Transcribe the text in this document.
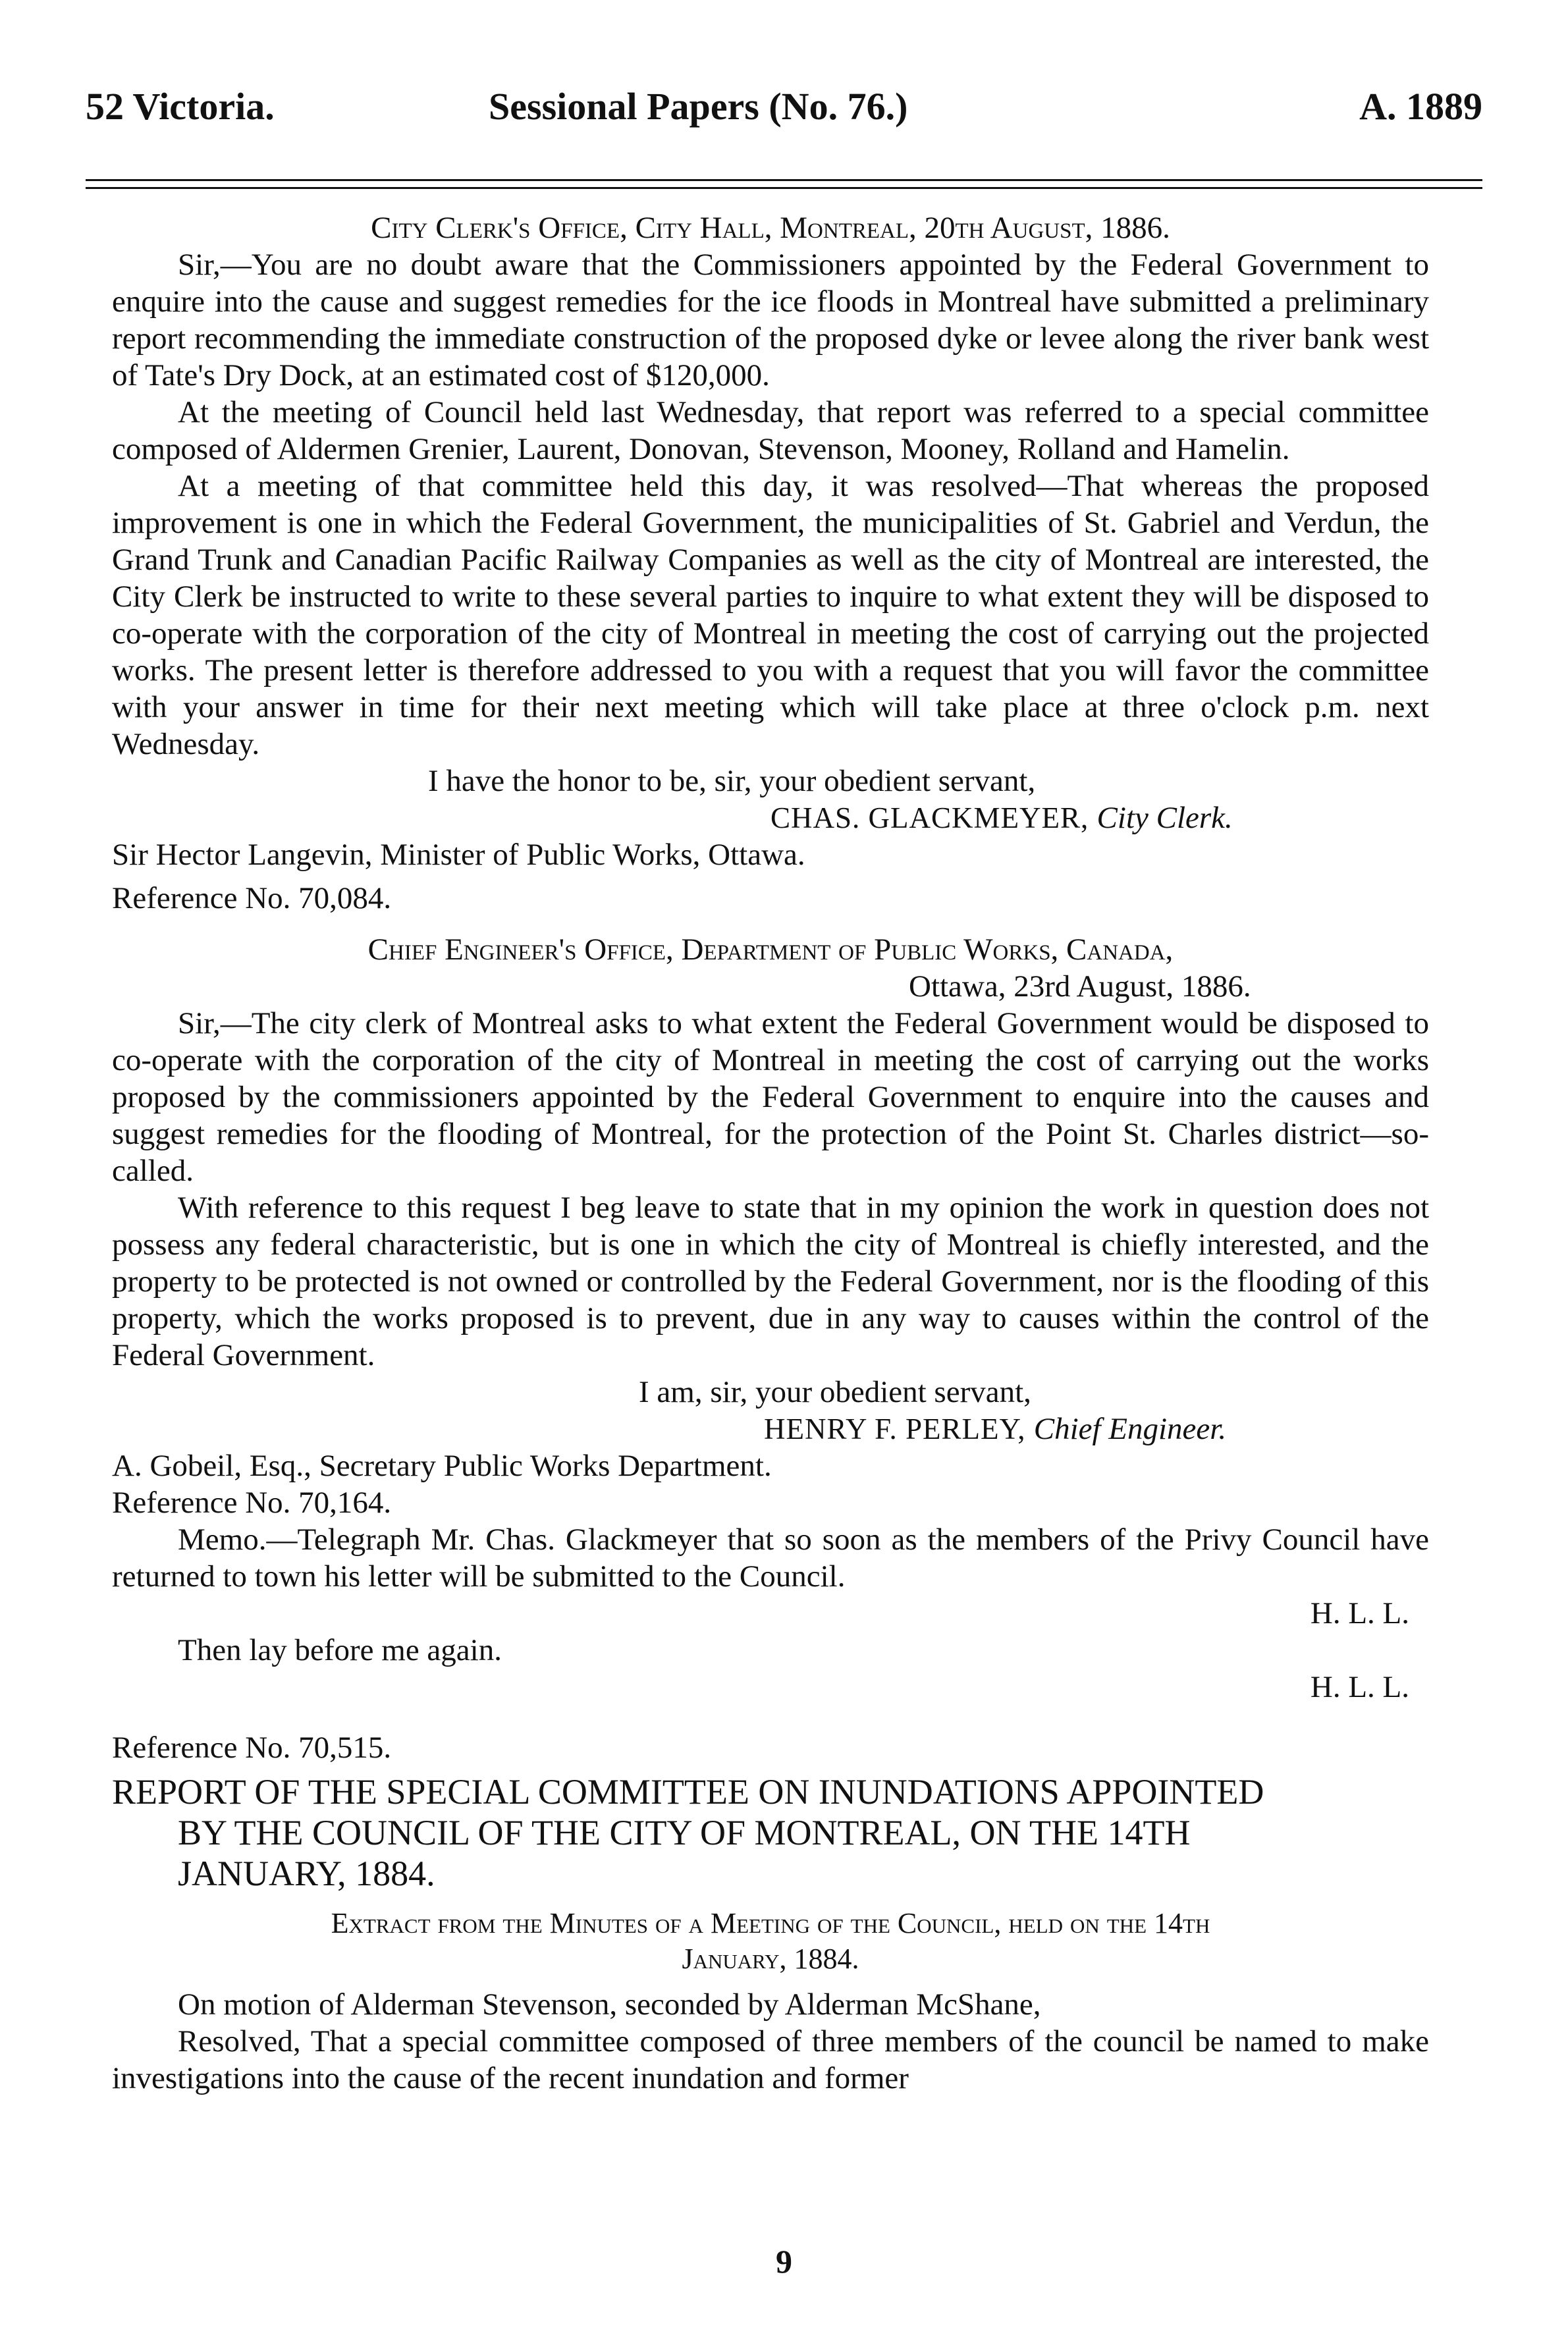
52 Victoria.	Sessional Papers (No. 76.)	A. 1889
City Clerk's Office, City Hall, Montreal, 20th August, 1886.

Sir,—You are no doubt aware that the Commissioners appointed by the Federal Government to enquire into the cause and suggest remedies for the ice floods in Montreal have submitted a preliminary report recommending the immediate construction of the proposed dyke or levee along the river bank west of Tate's Dry Dock, at an estimated cost of $120,000.

At the meeting of Council held last Wednesday, that report was referred to a special committee composed of Aldermen Grenier, Laurent, Donovan, Stevenson, Mooney, Rolland and Hamelin.

At a meeting of that committee held this day, it was resolved—That whereas the proposed improvement is one in which the Federal Government, the municipalities of St. Gabriel and Verdun, the Grand Trunk and Canadian Pacific Railway Companies as well as the city of Montreal are interested, the City Clerk be instructed to write to these several parties to inquire to what extent they will be disposed to co-operate with the corporation of the city of Montreal in meeting the cost of carrying out the projected works. The present letter is therefore addressed to you with a request that you will favor the committee with your answer in time for their next meeting which will take place at three o'clock p.m. next Wednesday.

I have the honor to be, sir, your obedient servant,
CHAS. GLACKMEYER, City Clerk.
Sir Hector Langevin, Minister of Public Works, Ottawa.
Reference No. 70,084.
Chief Engineer's Office, Department of Public Works, Canada,
Ottawa, 23rd August, 1886.

Sir,—The city clerk of Montreal asks to what extent the Federal Government would be disposed to co-operate with the corporation of the city of Montreal in meeting the cost of carrying out the works proposed by the commissioners appointed by the Federal Government to enquire into the causes and suggest remedies for the flooding of Montreal, for the protection of the Point St. Charles district—so-called.

With reference to this request I beg leave to state that in my opinion the work in question does not possess any federal characteristic, but is one in which the city of Montreal is chiefly interested, and the property to be protected is not owned or controlled by the Federal Government, nor is the flooding of this property, which the works proposed is to prevent, due in any way to causes within the control of the Federal Government.

I am, sir, your obedient servant,
HENRY F. PERLEY, Chief Engineer.
A. Gobeil, Esq., Secretary Public Works Department.
Reference No. 70,164.

Memo.—Telegraph Mr. Chas. Glackmeyer that so soon as the members of the Privy Council have returned to town his letter will be submitted to the Council.

H. L. L.
Then lay before me again.
H. L. L.
Reference No. 70,515.
REPORT OF THE SPECIAL COMMITTEE ON INUNDATIONS APPOINTED
BY THE COUNCIL OF THE CITY OF MONTREAL, ON THE 14TH
JANUARY, 1884.
Extract from the Minutes of a Meeting of the Council, held on the 14th
January, 1884.

On motion of Alderman Stevenson, seconded by Alderman McShane,

Resolved, That a special committee composed of three members of the council be named to make investigations into the cause of the recent inundation and former

9
